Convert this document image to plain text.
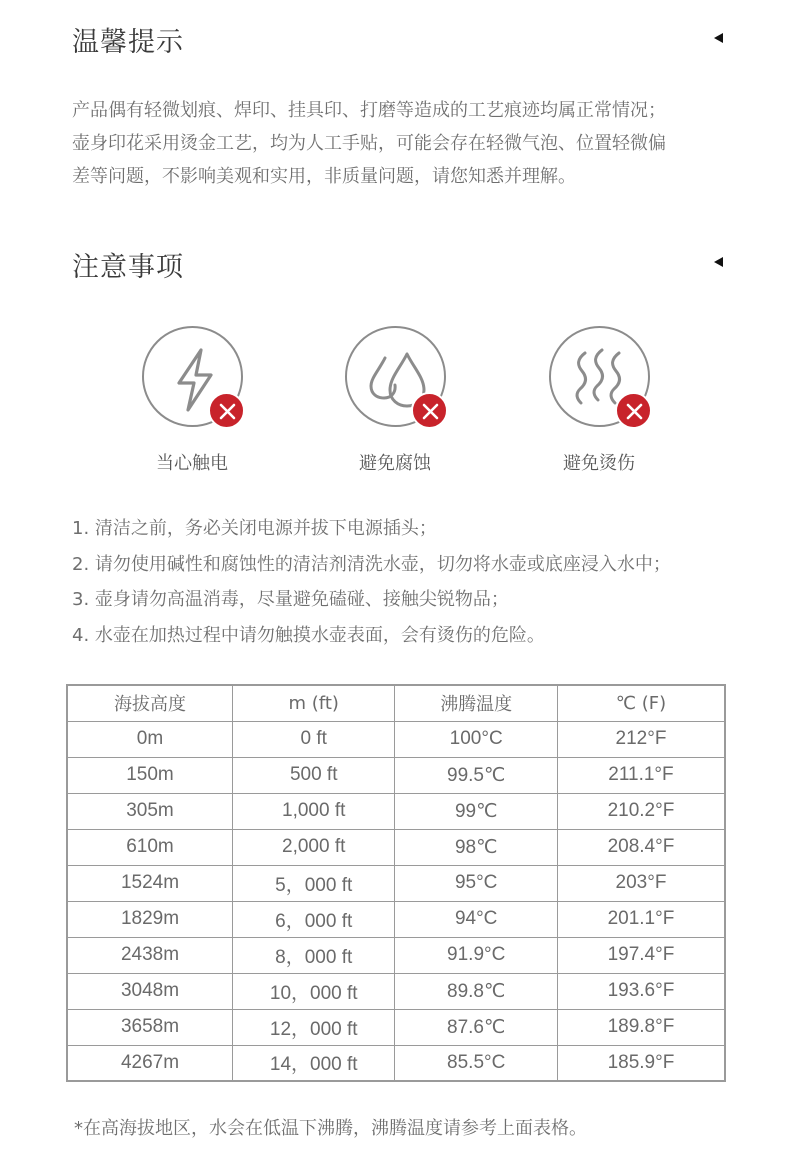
温馨提示

产品偶有轻微划痕、焊印、挂具印、打磨等造成的工艺痕迹均属正常情况；

壶身印花采用烫金工艺，均为人工手贴，可能会存在轻微气泡、位置轻微偏

差等问题，不影响美观和实用，非质量问题，请您知悉并理解。

注意事项
当心触电	避免腐蚀	避免烫伤

1. 清洁之前，务必关闭电源并拔下电源插头；

2. 请勿使用碱性和腐蚀性的清洁剂清洗水壶，切勿将水壶或底座浸入水中；

3. 壶身请勿高温消毒，尽量避免磕碰、接触尖锐物品；

4. 水壶在加热过程中请勿触摸水壶表面，会有烫伤的危险。

海拔高度	m (ft)	沸腾温度	℃ (F)
0m	0 ft	100°C	212°F
150m	500 ft	99.5℃	211.1°F
305m	1,000 ft	99℃	210.2°F
610m	2,000 ft	98℃	208.4°F
1524m	5，000 ft	95°C	203°F
1829m	6，000 ft	94°C	201.1°F
2438m	8，000 ft	91.9°C	197.4°F
3048m	10，000 ft	89.8℃	193.6°F
3658m	12，000 ft	87.6℃	189.8°F
4267m	14，000 ft	85.5°C	185.9°F
*在高海拔地区，水会在低温下沸腾，沸腾温度请参考上面表格。
